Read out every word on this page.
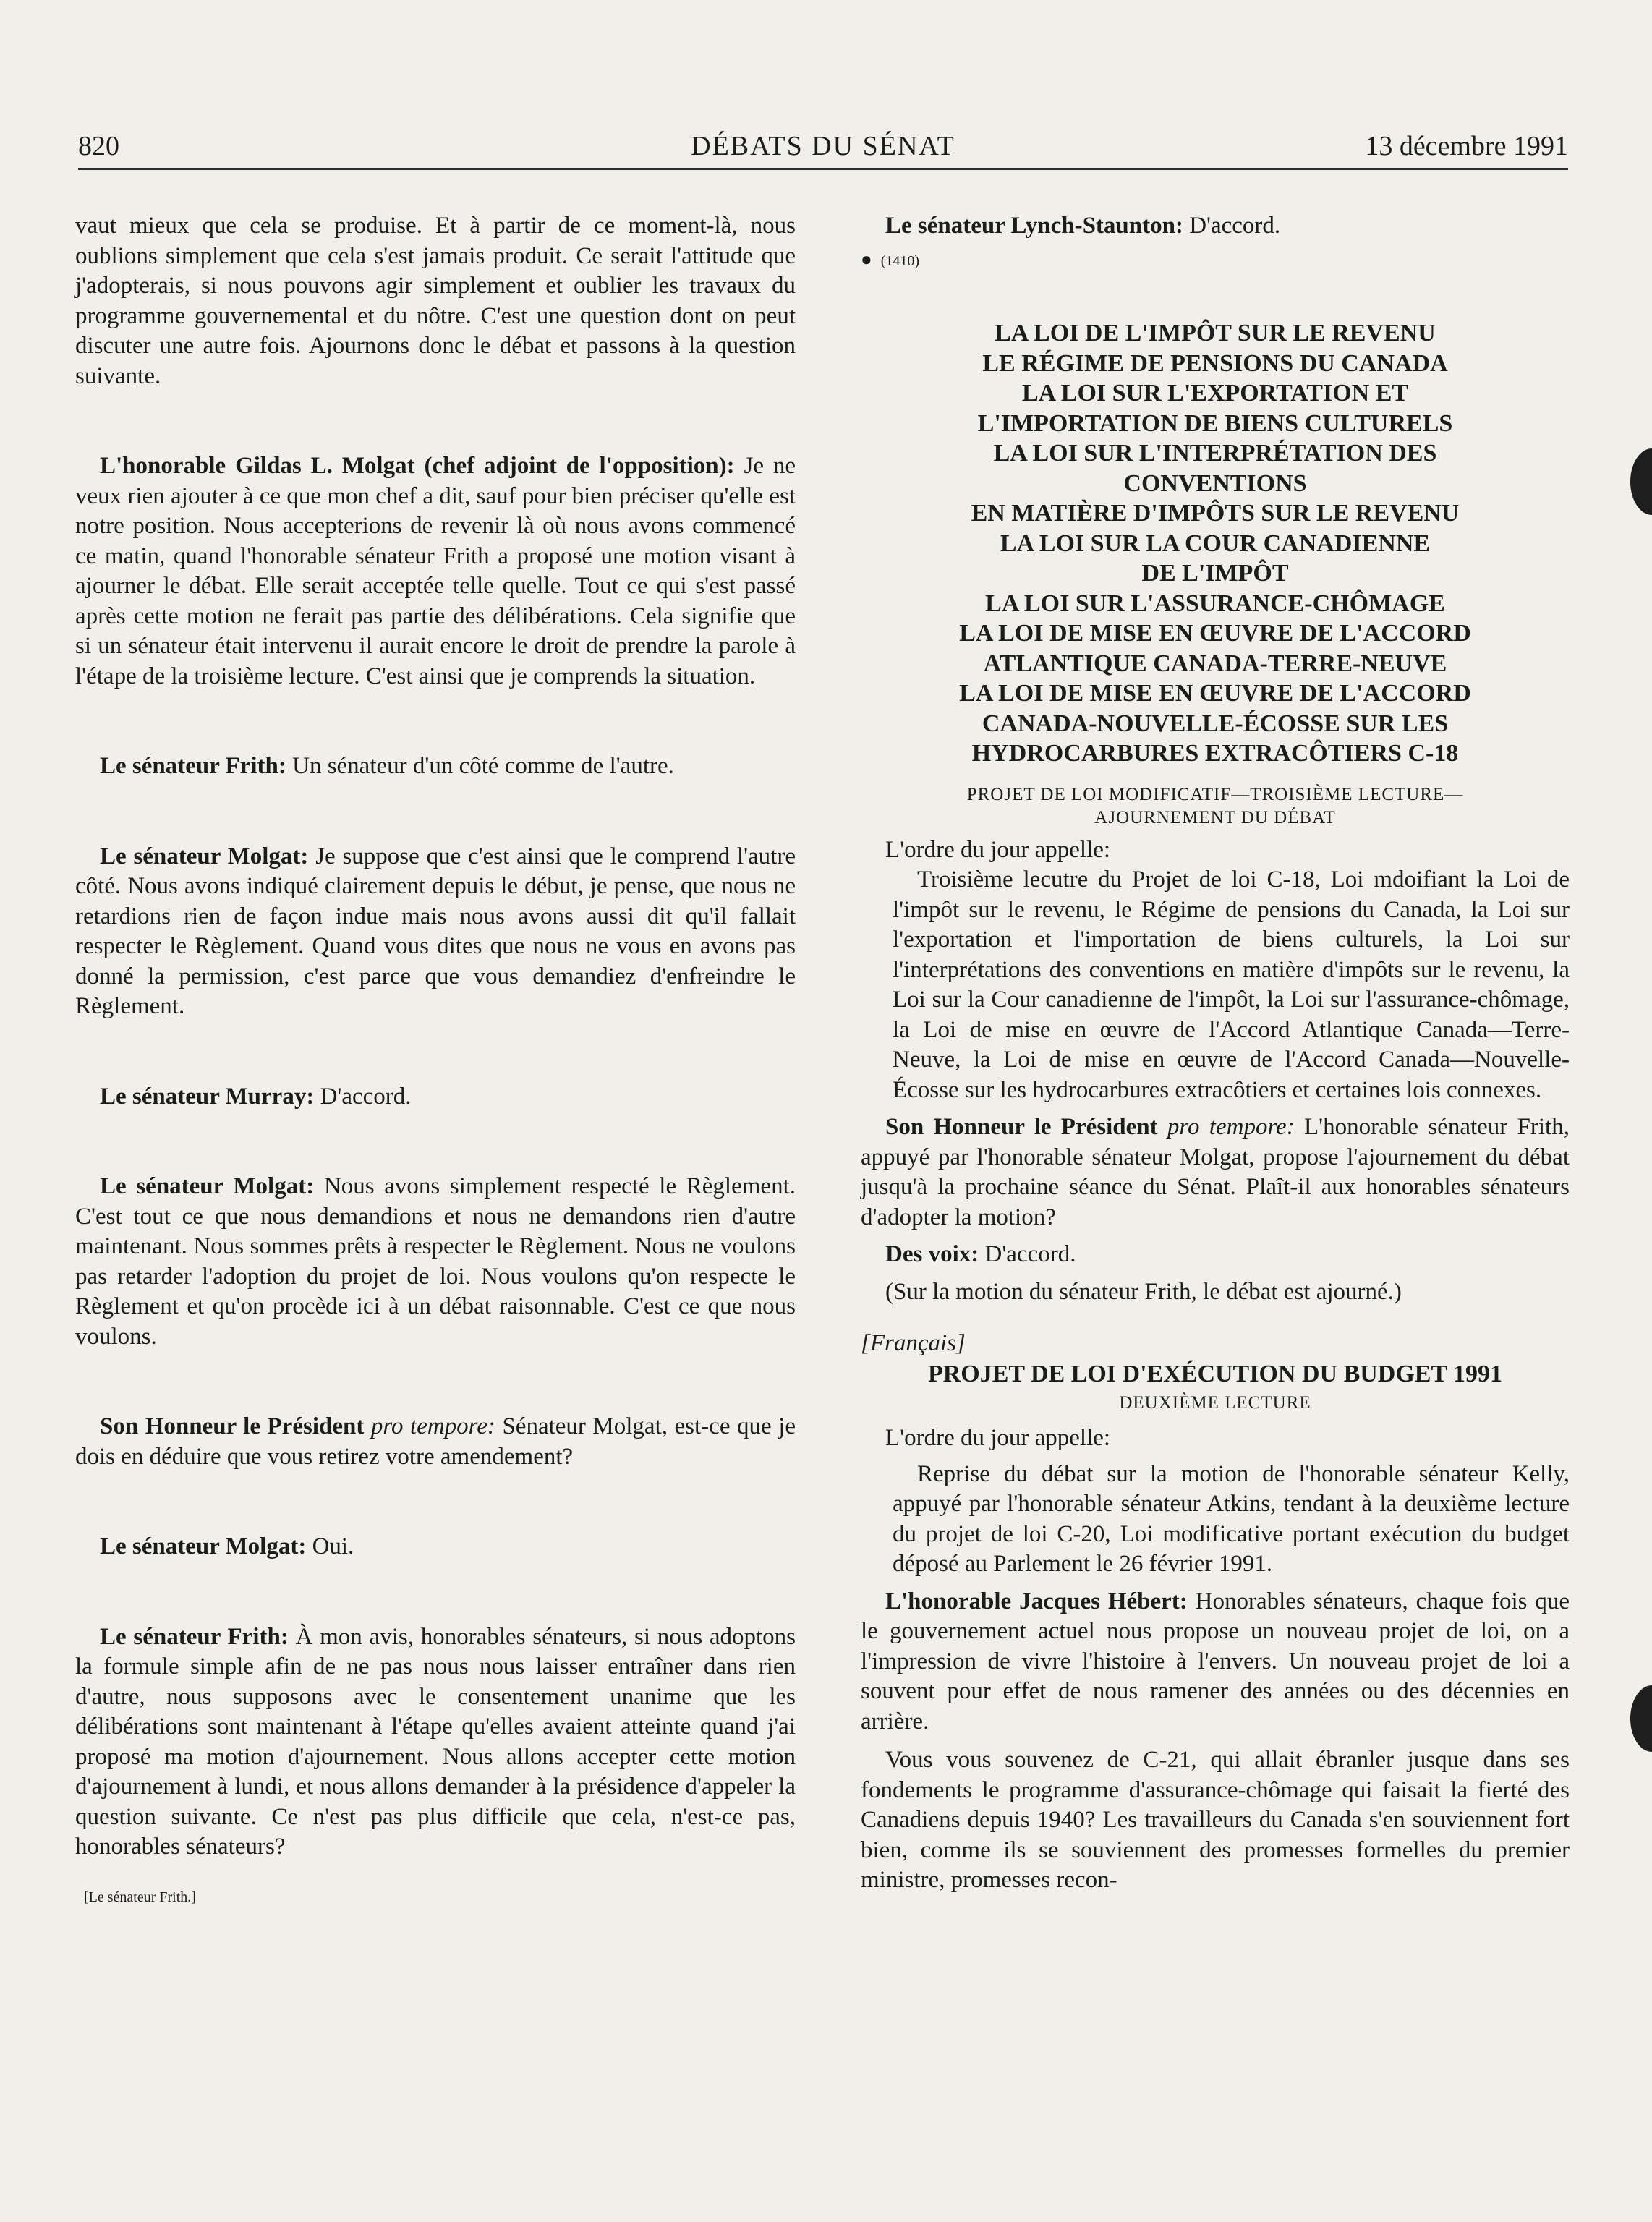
820	DÉBATS DU SÉNAT	13 décembre 1991

vaut mieux que cela se produise. Et à partir de ce moment-là, nous oublions simplement que cela s'est jamais produit. Ce serait l'attitude que j'adopterais, si nous pouvons agir simplement et oublier les travaux du programme gouvernemental et du nôtre. C'est une question dont on peut discuter une autre fois. Ajournons donc le débat et passons à la question suivante.

L'honorable Gildas L. Molgat (chef adjoint de l'opposition): Je ne veux rien ajouter à ce que mon chef a dit, sauf pour bien préciser qu'elle est notre position. Nous accepterions de revenir là où nous avons commencé ce matin, quand l'honorable sénateur Frith a proposé une motion visant à ajourner le débat. Elle serait acceptée telle quelle. Tout ce qui s'est passé après cette motion ne ferait pas partie des délibérations. Cela signifie que si un sénateur était intervenu il aurait encore le droit de prendre la parole à l'étape de la troisième lecture. C'est ainsi que je comprends la situation.

Le sénateur Frith: Un sénateur d'un côté comme de l'autre.

Le sénateur Molgat: Je suppose que c'est ainsi que le comprend l'autre côté. Nous avons indiqué clairement depuis le début, je pense, que nous ne retardions rien de façon indue mais nous avons aussi dit qu'il fallait respecter le Règlement. Quand vous dites que nous ne vous en avons pas donné la permission, c'est parce que vous demandiez d'enfreindre le Règlement.

Le sénateur Murray: D'accord.

Le sénateur Molgat: Nous avons simplement respecté le Règlement. C'est tout ce que nous demandions et nous ne demandons rien d'autre maintenant. Nous sommes prêts à respecter le Règlement. Nous ne voulons pas retarder l'adoption du projet de loi. Nous voulons qu'on respecte le Règlement et qu'on procède ici à un débat raisonnable. C'est ce que nous voulons.

Son Honneur le Président pro tempore: Sénateur Molgat, est-ce que je dois en déduire que vous retirez votre amendement?

Le sénateur Molgat: Oui.

Le sénateur Frith: À mon avis, honorables sénateurs, si nous adoptons la formule simple afin de ne pas nous nous laisser entraîner dans rien d'autre, nous supposons avec le consentement unanime que les délibérations sont maintenant à l'étape qu'elles avaient atteinte quand j'ai proposé ma motion d'ajournement. Nous allons accepter cette motion d'ajournement à lundi, et nous allons demander à la présidence d'appeler la question suivante. Ce n'est pas plus difficile que cela, n'est-ce pas, honorables sénateurs?

[Le sénateur Frith.]

Le sénateur Lynch-Staunton: D'accord.

● (1410)
LA LOI DE L'IMPÔT SUR LE REVENU
LE RÉGIME DE PENSIONS DU CANADA
LA LOI SUR L'EXPORTATION ET
L'IMPORTATION DE BIENS CULTURELS
LA LOI SUR L'INTERPRÉTATION DES
CONVENTIONS
EN MATIÈRE D'IMPÔTS SUR LE REVENU
LA LOI SUR LA COUR CANADIENNE
DE L'IMPÔT
LA LOI SUR L'ASSURANCE-CHÔMAGE
LA LOI DE MISE EN ŒUVRE DE L'ACCORD
ATLANTIQUE CANADA-TERRE-NEUVE
LA LOI DE MISE EN ŒUVRE DE L'ACCORD
CANADA-NOUVELLE-ÉCOSSE SUR LES
HYDROCARBURES EXTRACÔTIERS C-18
PROJET DE LOI MODIFICATIF—TROISIÈME LECTURE—
AJOURNEMENT DU DÉBAT

L'ordre du jour appelle:

Troisième lecutre du Projet de loi C-18, Loi mdoifiant la Loi de l'impôt sur le revenu, le Régime de pensions du Canada, la Loi sur l'exportation et l'importation de biens culturels, la Loi sur l'interprétations des conventions en matière d'impôts sur le revenu, la Loi sur la Cour canadienne de l'impôt, la Loi sur l'assurance-chômage, la Loi de mise en œuvre de l'Accord Atlantique Canada—Terre-Neuve, la Loi de mise en œuvre de l'Accord Canada—Nouvelle-Écosse sur les hydrocarbures extracôtiers et certaines lois connexes.

Son Honneur le Président pro tempore: L'honorable sénateur Frith, appuyé par l'honorable sénateur Molgat, propose l'ajournement du débat jusqu'à la prochaine séance du Sénat. Plaît-il aux honorables sénateurs d'adopter la motion?

Des voix: D'accord.

(Sur la motion du sénateur Frith, le débat est ajourné.)

[Français]

PROJET DE LOI D'EXÉCUTION DU BUDGET 1991
DEUXIÈME LECTURE

L'ordre du jour appelle:

Reprise du débat sur la motion de l'honorable sénateur Kelly, appuyé par l'honorable sénateur Atkins, tendant à la deuxième lecture du projet de loi C-20, Loi modificative portant exécution du budget déposé au Parlement le 26 février 1991.

L'honorable Jacques Hébert: Honorables sénateurs, chaque fois que le gouvernement actuel nous propose un nouveau projet de loi, on a l'impression de vivre l'histoire à l'envers. Un nouveau projet de loi a souvent pour effet de nous ramener des années ou des décennies en arrière.

Vous vous souvenez de C-21, qui allait ébranler jusque dans ses fondements le programme d'assurance-chômage qui faisait la fierté des Canadiens depuis 1940? Les travailleurs du Canada s'en souviennent fort bien, comme ils se souviennent des promesses formelles du premier ministre, promesses recon-
